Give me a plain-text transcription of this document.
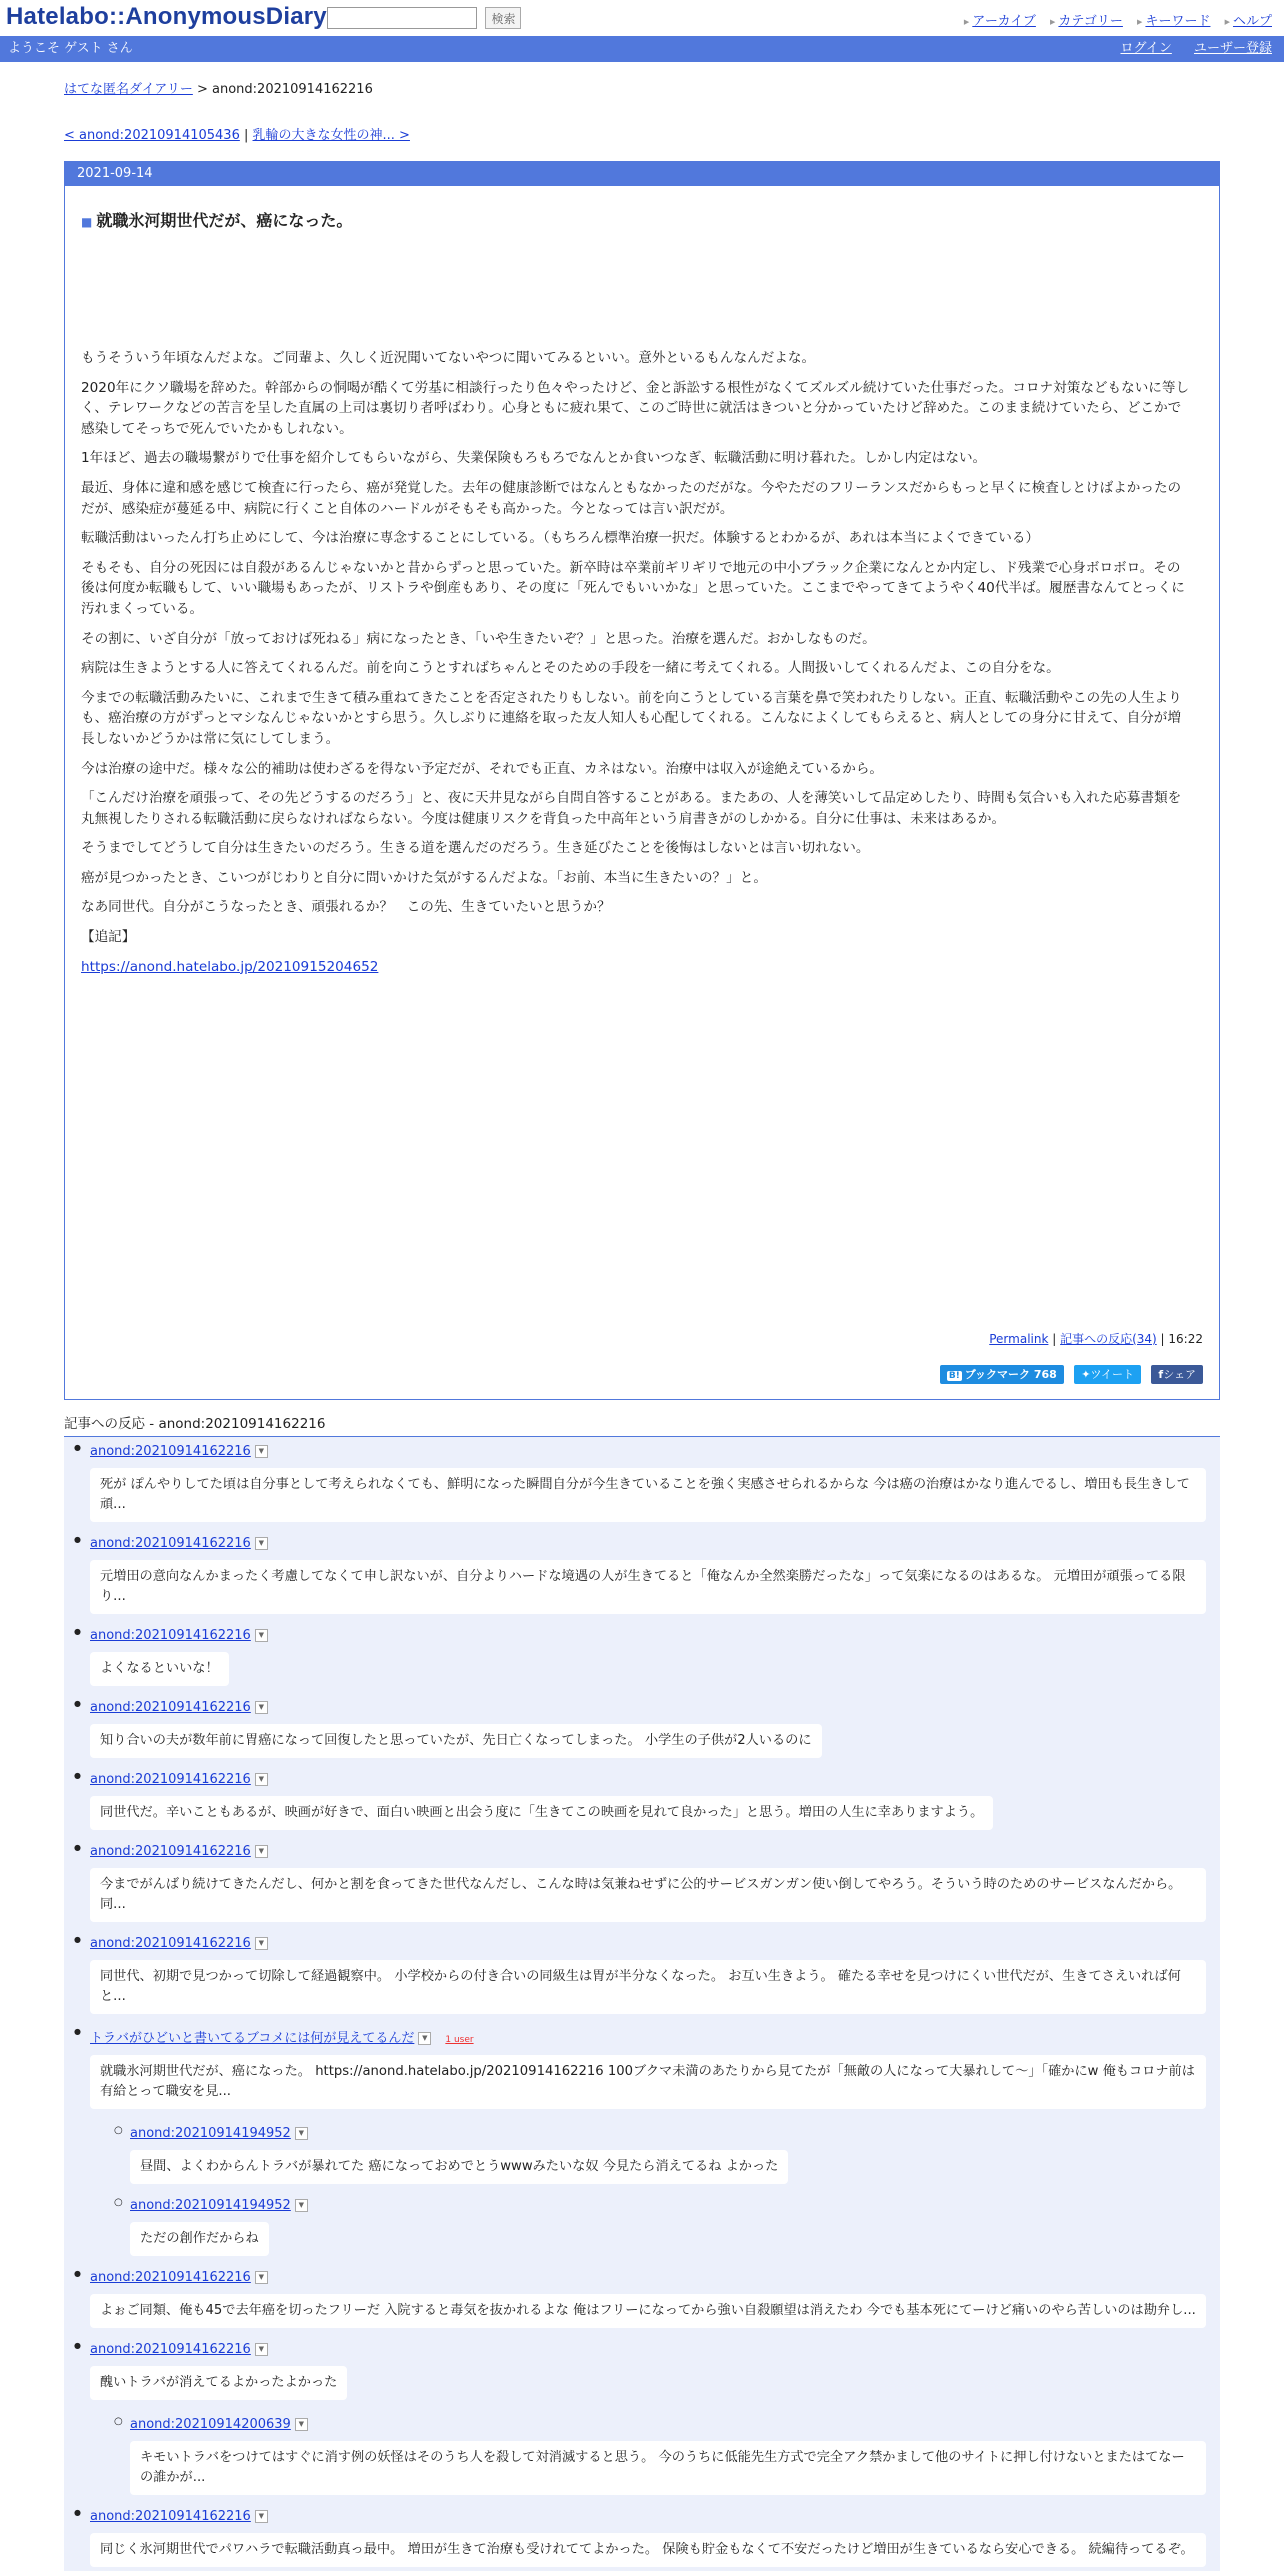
Hatelabo::AnonymousDiary	検索	▶ アーカイブ ▶ カテゴリー ▶ キーワード ▶ ヘルプ
ようこそ ゲスト さん	ログイン ユーザー登録
はてな匿名ダイアリー > anond:20210914162216
< anond:20210914105436 | 乳輪の大きな女性の神... >
2021-09-14
■ 就職氷河期世代だが、癌になった。

もうそういう年頃なんだよな。ご同輩よ、久しく近況聞いてないやつに聞いてみるといい。意外といるもんなんだよな。

2020年にクソ職場を辞めた。幹部からの恫喝が酷くて労基に相談行ったり色々やったけど、金と訴訟する根性がなくてズルズル続けていた仕事だった。コロナ対策などもないに等しく、テレワークなどの苦言を呈した直属の上司は裏切り者呼ばわり。心身ともに疲れ果て、このご時世に就活はきついと分かっていたけど辞めた。このまま続けていたら、どこかで感染してそっちで死んでいたかもしれない。

1年ほど、過去の職場繋がりで仕事を紹介してもらいながら、失業保険もろもろでなんとか食いつなぎ、転職活動に明け暮れた。しかし内定はない。

最近、身体に違和感を感じて検査に行ったら、癌が発覚した。去年の健康診断ではなんともなかったのだがな。今やただのフリーランスだからもっと早くに検査しとけばよかったのだが、感染症が蔓延る中、病院に行くこと自体のハードルがそもそも高かった。今となっては言い訳だが。

転職活動はいったん打ち止めにして、今は治療に専念することにしている。（もちろん標準治療一択だ。体験するとわかるが、あれは本当によくできている）

そもそも、自分の死因には自殺があるんじゃないかと昔からずっと思っていた。新卒時は卒業前ギリギリで地元の中小ブラック企業になんとか内定し、ド残業で心身ボロボロ。その後は何度か転職もして、いい職場もあったが、リストラや倒産もあり、その度に「死んでもいいかな」と思っていた。ここまでやってきてようやく40代半ば。履歴書なんてとっくに汚れまくっている。

その割に、いざ自分が「放っておけば死ねる」病になったとき、「いや生きたいぞ？」と思った。治療を選んだ。おかしなものだ。

病院は生きようとする人に答えてくれるんだ。前を向こうとすればちゃんとそのための手段を一緒に考えてくれる。人間扱いしてくれるんだよ、この自分をな。

今までの転職活動みたいに、これまで生きて積み重ねてきたことを否定されたりもしない。前を向こうとしている言葉を鼻で笑われたりしない。正直、転職活動やこの先の人生よりも、癌治療の方がずっとマシなんじゃないかとすら思う。久しぶりに連絡を取った友人知人も心配してくれる。こんなによくしてもらえると、病人としての身分に甘えて、自分が増長しないかどうかは常に気にしてしまう。

今は治療の途中だ。様々な公的補助は使わざるを得ない予定だが、それでも正直、カネはない。治療中は収入が途絶えているから。

「こんだけ治療を頑張って、その先どうするのだろう」と、夜に天井見ながら自問自答することがある。またあの、人を薄笑いして品定めしたり、時間も気合いも入れた応募書類を丸無視したりされる転職活動に戻らなければならない。今度は健康リスクを背負った中高年という肩書きがのしかかる。自分に仕事は、未来はあるか。

そうまでしてどうして自分は生きたいのだろう。生きる道を選んだのだろう。生き延びたことを後悔はしないとは言い切れない。

癌が見つかったとき、こいつがじわりと自分に問いかけた気がするんだよな。「お前、本当に生きたいの？」と。

なあ同世代。自分がこうなったとき、頑張れるか？　この先、生きていたいと思うか？

【追記】

https://anond.hatelabo.jp/20210915204652

Permalink | 記事への反応(34) | 16:22
B! ブックマーク 768 ✦ツイート fシェア
記事への反応 - anond:20210914162216
● anond:20210914162216 ▼

死が ぽんやりしてた頃は自分事として考えられなくても、鮮明になった瞬間自分が今生きていることを強く実感させられるからな 今は癌の治療はかなり進んでるし、増田も長生きして頑...
● anond:20210914162216 ▼

元増田の意向なんかまったく考慮してなくて申し訳ないが、自分よりハードな境遇の人が生きてると「俺なんか全然楽勝だったな」って気楽になるのはあるな。 元増田が頑張ってる限り...
● anond:20210914162216 ▼
よくなるといいな！
● anond:20210914162216 ▼
知り合いの夫が数年前に胃癌になって回復したと思っていたが、先日亡くなってしまった。 小学生の子供が2人いるのに
● anond:20210914162216 ▼
同世代だ。辛いこともあるが、映画が好きで、面白い映画と出会う度に「生きてこの映画を見れて良かった」と思う。増田の人生に幸ありますよう。
● anond:20210914162216 ▼

今までがんばり続けてきたんだし、何かと割を食ってきた世代なんだし、こんな時は気兼ねせずに公的サービスガンガン使い倒してやろう。そういう時のためのサービスなんだから。同...
● anond:20210914162216 ▼

同世代、初期で見つかって切除して経過観察中。 小学校からの付き合いの同級生は胃が半分なくなった。 お互い生きよう。 確たる幸せを見つけにくい世代だが、生きてさえいれば何と...
● トラバがひどいと書いてるブコメには何が見えてるんだ ▼ 1 user

就職氷河期世代だが、癌になった。 https://anond.hatelabo.jp/20210914162216 100ブクマ未満のあたりから見てたが「無敵の人になって大暴れして〜」「確かにw 俺もコロナ前は有給とって職安を見...
○ anond:20210914194952 ▼
昼間、よくわからんトラバが暴れてた 癌になっておめでとうwwwみたいな奴 今見たら消えてるね よかった
○ anond:20210914194952 ▼
ただの創作だからね
● anond:20210914162216 ▼

よぉご同類、俺も45で去年癌を切ったフリーだ 入院すると毒気を抜かれるよな 俺はフリーになってから強い自殺願望は消えたわ 今でも基本死にてーけど痛いのやら苦しいのは勘弁し...
● anond:20210914162216 ▼
醜いトラバが消えてるよかったよかった
○ anond:20210914200639 ▼

キモいトラバをつけてはすぐに消す例の妖怪はそのうち人を殺して対消滅すると思う。 今のうちに低能先生方式で完全アク禁かまして他のサイトに押し付けないとまたはてなーの誰かが...
● anond:20210914162216 ▼

同じく氷河期世代でパワハラで転職活動真っ最中。 増田が生きて治療も受けれててよかった。 保険も貯金もなくて不安だったけど増田が生きているなら安心できる。 続編待ってるぞ。
